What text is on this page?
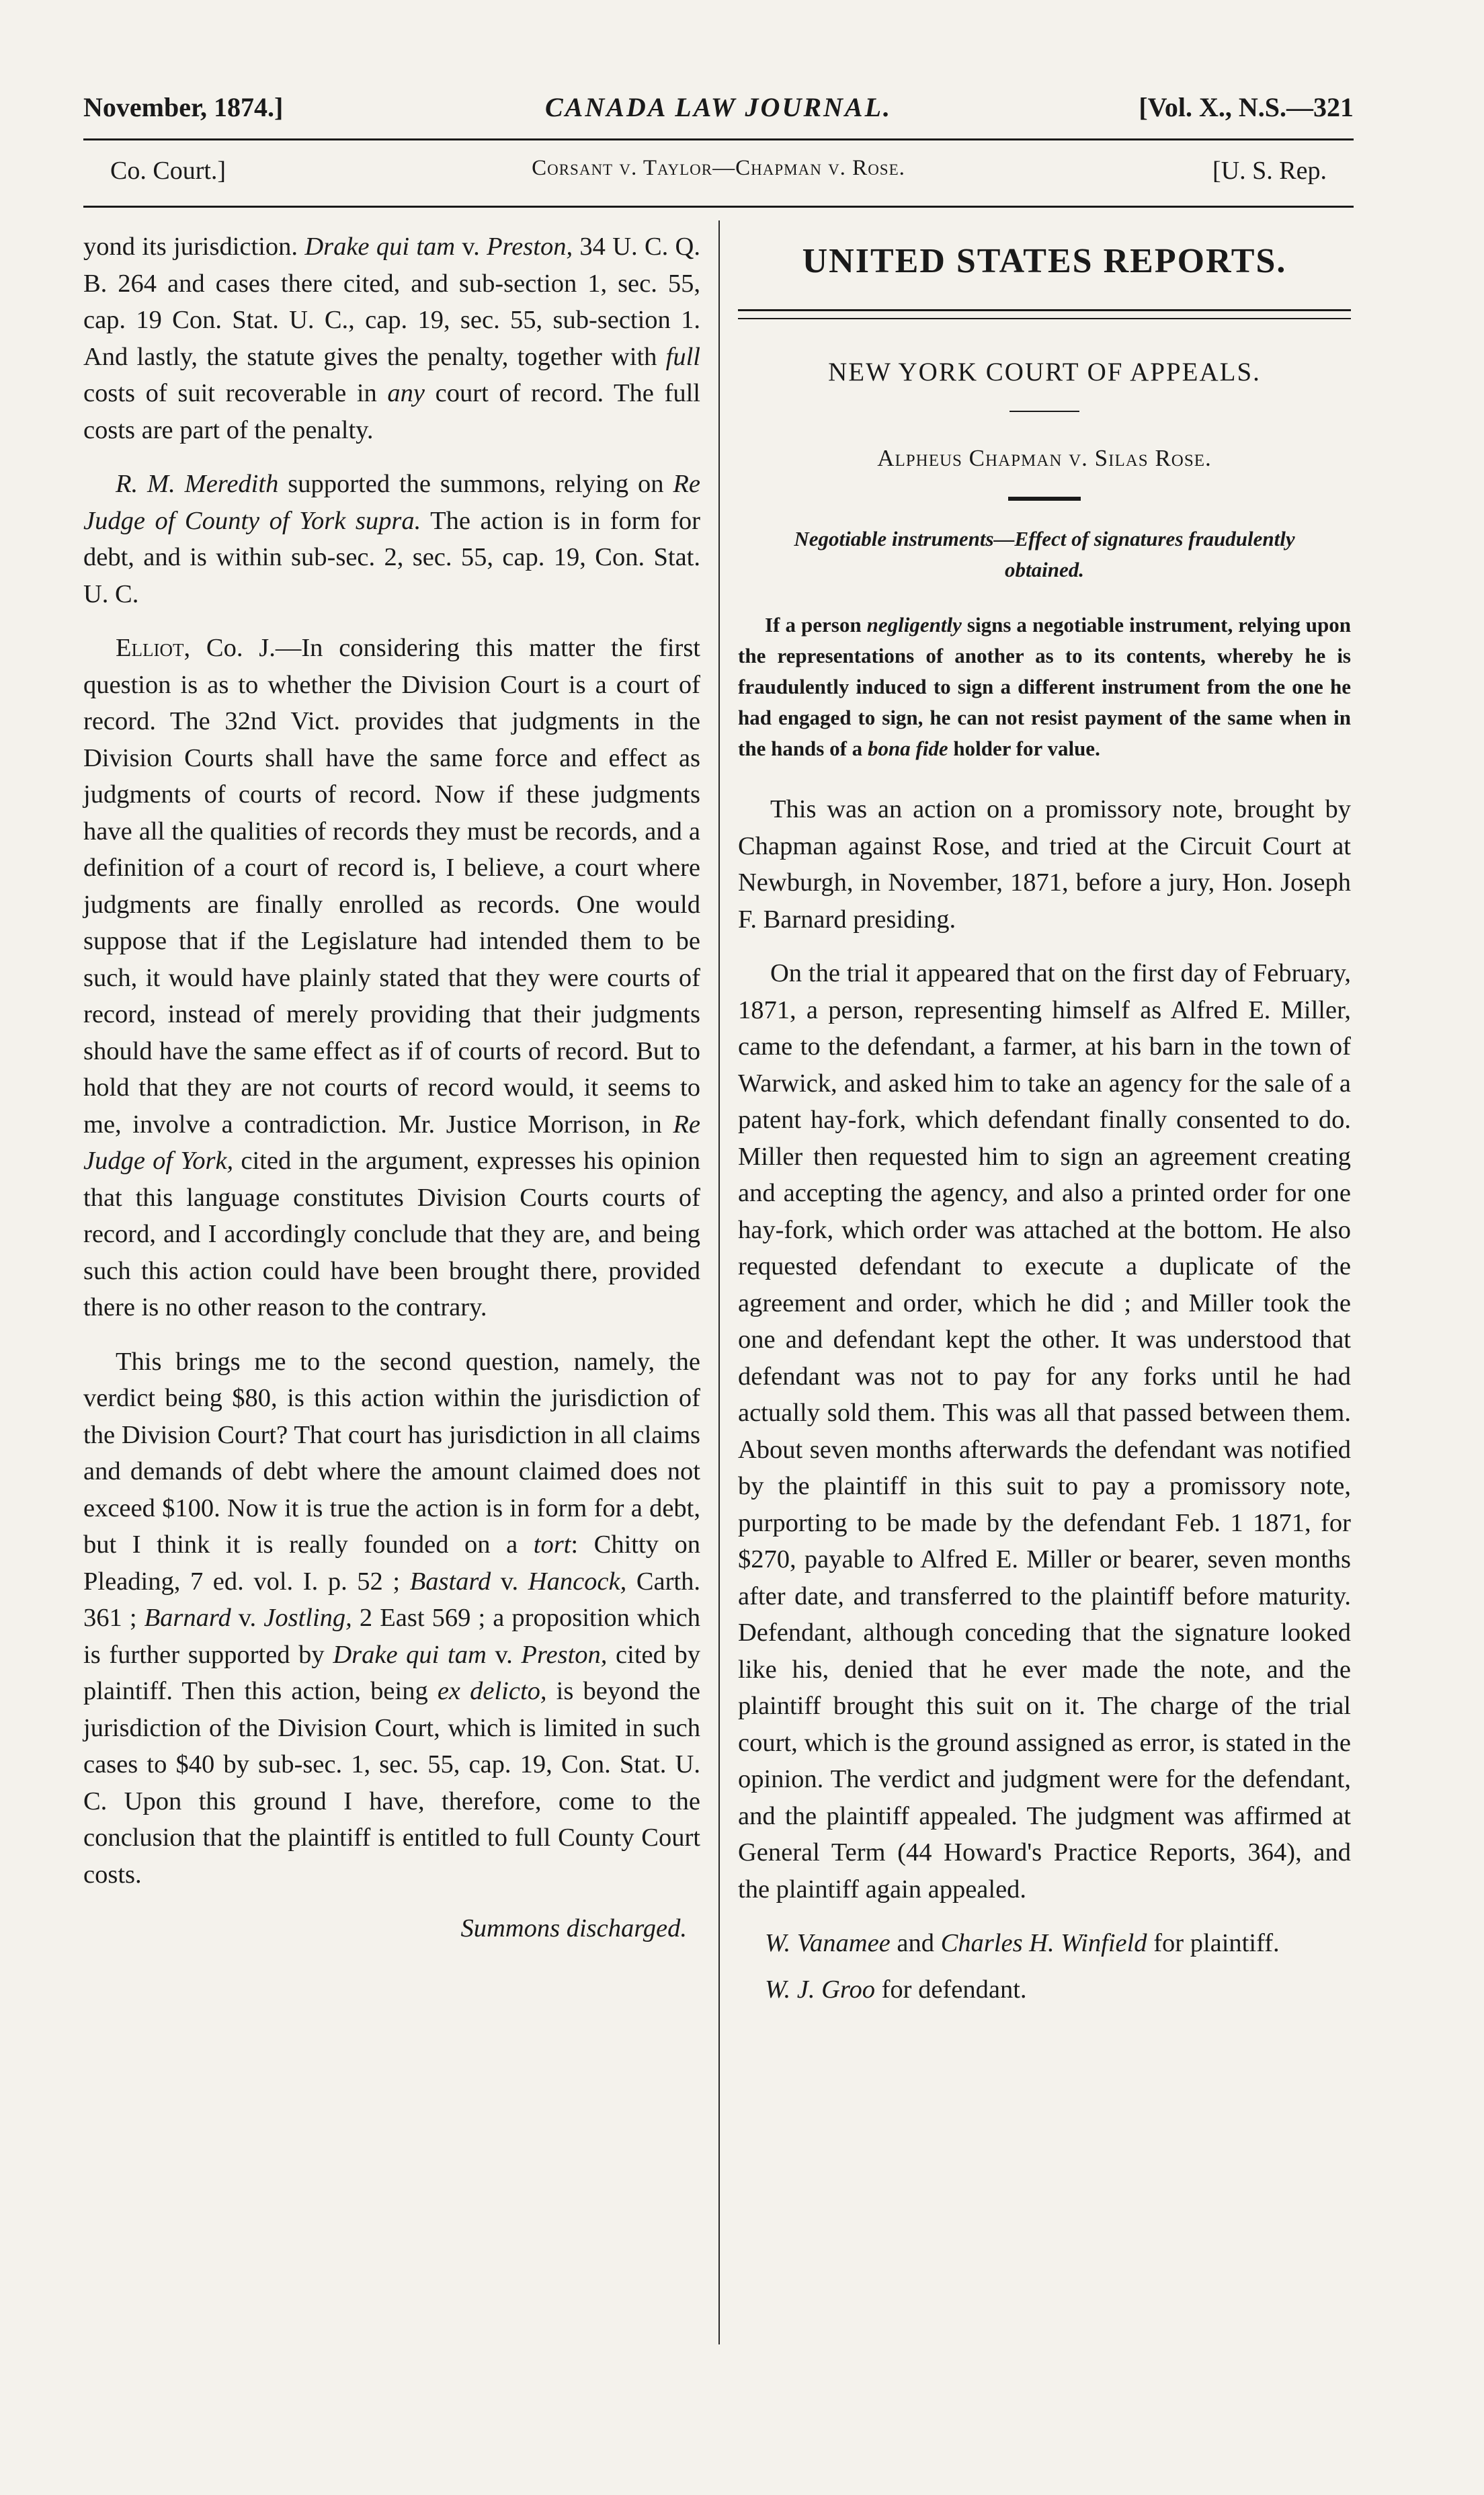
November, 1874.]	CANADA LAW JOURNAL.	[Vol. X., N.S.—321
Co. Court.]	Corsant v. Taylor—Chapman v. Rose.	[U. S. Rep.

yond its jurisdiction. Drake qui tam v. Preston, 34 U. C. Q. B. 264 and cases there cited, and sub-section 1, sec. 55, cap. 19 Con. Stat. U. C., cap. 19, sec. 55, sub-section 1. And lastly, the statute gives the penalty, together with full costs of suit recoverable in any court of record. The full costs are part of the penalty.

R. M. Meredith supported the summons, relying on Re Judge of County of York supra. The action is in form for debt, and is within sub-sec. 2, sec. 55, cap. 19, Con. Stat. U. C.

Elliot, Co. J.—In considering this matter the first question is as to whether the Division Court is a court of record. The 32nd Vict. provides that judgments in the Division Courts shall have the same force and effect as judgments of courts of record. Now if these judgments have all the qualities of records they must be records, and a definition of a court of record is, I believe, a court where judgments are finally enrolled as records. One would suppose that if the Legislature had intended them to be such, it would have plainly stated that they were courts of record, instead of merely providing that their judgments should have the same effect as if of courts of record. But to hold that they are not courts of record would, it seems to me, involve a contradiction. Mr. Justice Morrison, in Re Judge of York, cited in the argument, expresses his opinion that this language constitutes Division Courts courts of record, and I accordingly conclude that they are, and being such this action could have been brought there, provided there is no other reason to the contrary.

This brings me to the second question, namely, the verdict being $80, is this action within the jurisdiction of the Division Court? That court has jurisdiction in all claims and demands of debt where the amount claimed does not exceed $100. Now it is true the action is in form for a debt, but I think it is really founded on a tort: Chitty on Pleading, 7 ed. vol. I. p. 52 ; Bastard v. Hancock, Carth. 361 ; Barnard v. Jostling, 2 East 569 ; a proposition which is further supported by Drake qui tam v. Preston, cited by plaintiff. Then this action, being ex delicto, is beyond the jurisdiction of the Division Court, which is limited in such cases to $40 by sub-sec. 1, sec. 55, cap. 19, Con. Stat. U. C. Upon this ground I have, therefore, come to the conclusion that the plaintiff is entitled to full County Court costs.

Summons discharged.

UNITED STATES REPORTS.
NEW YORK COURT OF APPEALS.
Alpheus Chapman v. Silas Rose.
Negotiable instruments—Effect of signatures fraudulently obtained.

If a person negligently signs a negotiable instrument, relying upon the representations of another as to its contents, whereby he is fraudulently induced to sign a different instrument from the one he had engaged to sign, he can not resist payment of the same when in the hands of a bona fide holder for value.

This was an action on a promissory note, brought by Chapman against Rose, and tried at the Circuit Court at Newburgh, in November, 1871, before a jury, Hon. Joseph F. Barnard presiding.

On the trial it appeared that on the first day of February, 1871, a person, representing himself as Alfred E. Miller, came to the defendant, a farmer, at his barn in the town of Warwick, and asked him to take an agency for the sale of a patent hay-fork, which defendant finally consented to do. Miller then requested him to sign an agreement creating and accepting the agency, and also a printed order for one hay-fork, which order was attached at the bottom. He also requested defendant to execute a duplicate of the agreement and order, which he did ; and Miller took the one and defendant kept the other. It was understood that defendant was not to pay for any forks until he had actually sold them. This was all that passed between them. About seven months afterwards the defendant was notified by the plaintiff in this suit to pay a promissory note, purporting to be made by the defendant Feb. 1 1871, for $270, payable to Alfred E. Miller or bearer, seven months after date, and transferred to the plaintiff before maturity. Defendant, although conceding that the signature looked like his, denied that he ever made the note, and the plaintiff brought this suit on it. The charge of the trial court, which is the ground assigned as error, is stated in the opinion. The verdict and judgment were for the defendant, and the plaintiff appealed. The judgment was affirmed at General Term (44 Howard's Practice Reports, 364), and the plaintiff again appealed.

W. Vanamee and Charles H. Winfield for plaintiff.

W. J. Groo for defendant.
